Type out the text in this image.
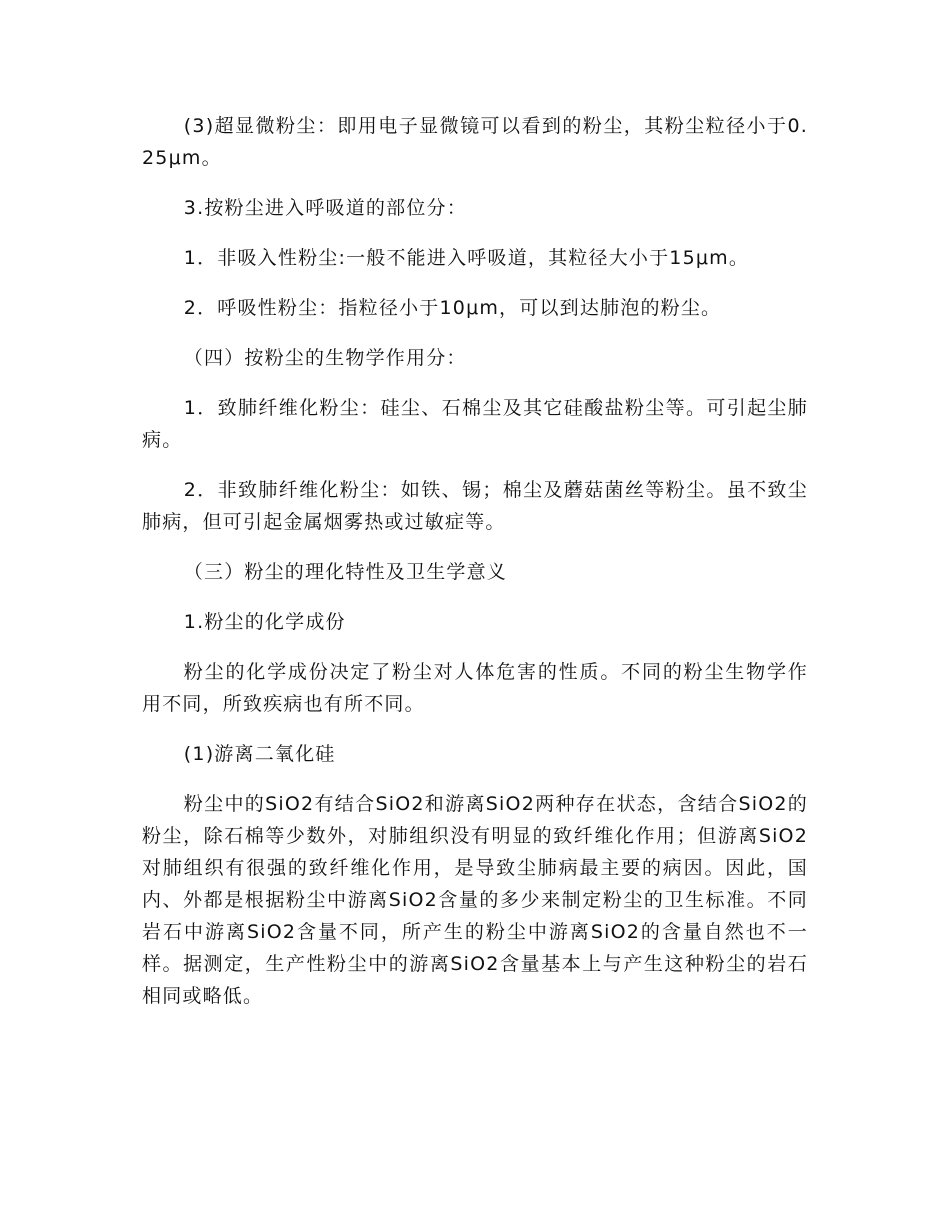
(3)超显微粉尘：即用电子显微镜可以看到的粉尘，其粉尘粒径小于0.25μm。

3.按粉尘进入呼吸道的部位分：

1．非吸入性粉尘:一般不能进入呼吸道，其粒径大小于15μm。

2．呼吸性粉尘：指粒径小于10μm，可以到达肺泡的粉尘。

（四）按粉尘的生物学作用分：

1．致肺纤维化粉尘：硅尘、石棉尘及其它硅酸盐粉尘等。可引起尘肺病。

2．非致肺纤维化粉尘：如铁、锡；棉尘及蘑菇菌丝等粉尘。虽不致尘肺病，但可引起金属烟雾热或过敏症等。

（三）粉尘的理化特性及卫生学意义

1.粉尘的化学成份

粉尘的化学成份决定了粉尘对人体危害的性质。不同的粉尘生物学作用不同，所致疾病也有所不同。

(1)游离二氧化硅

粉尘中的SiO2有结合SiO2和游离SiO2两种存在状态，含结合SiO2的粉尘，除石棉等少数外，对肺组织没有明显的致纤维化作用；但游离SiO2对肺组织有很强的致纤维化作用，是导致尘肺病最主要的病因。因此，国内、外都是根据粉尘中游离SiO2含量的多少来制定粉尘的卫生标准。不同岩石中游离SiO2含量不同，所产生的粉尘中游离SiO2的含量自然也不一样。据测定，生产性粉尘中的游离SiO2含量基本上与产生这种粉尘的岩石相同或略低。
